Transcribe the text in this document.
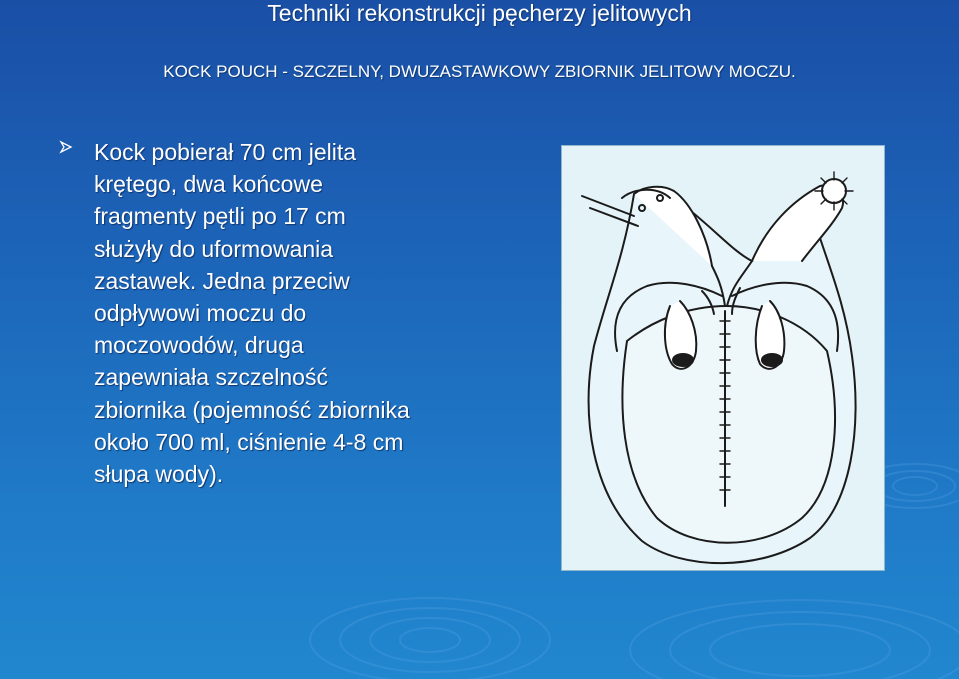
Techniki rekonstrukcji pęcherzy jelitowych
KOCK POUCH - SZCZELNY, DWUZASTAWKOWY ZBIORNIK JELITOWY MOCZU.
Kock pobierał 70 cm jelita
krętego, dwa końcowe
fragmenty pętli po 17 cm
służyły do uformowania
zastawek. Jedna przeciw
odpływowi moczu do
moczowodów, druga
zapewniała szczelność
zbiornika (pojemność zbiornika
około 700 ml, ciśnienie 4-8 cm
słupa wody).
